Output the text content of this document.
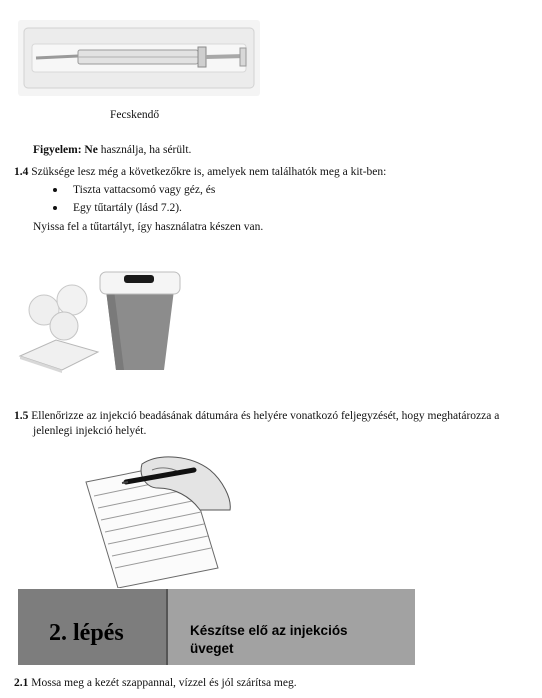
Fecskendő
Figyelem: Ne használja, ha sérült.
1.4 Szüksége lesz még a következőkre is, amelyek nem találhatók meg a kit-ben:
Tiszta vattacsomó vagy géz, és
Egy tűtartály (lásd 7.2).
Nyissa fel a tűtartályt, így használatra készen van.
1.5 Ellenőrizze az injekció beadásának dátumára és helyére vonatkozó feljegyzését, hogy meghatározza a
jelenlegi injekció helyét.
2. lépés	Készítse elő az injekciós
üveget
2.1 Mossa meg a kezét szappannal, vízzel és jól szárítsa meg.
